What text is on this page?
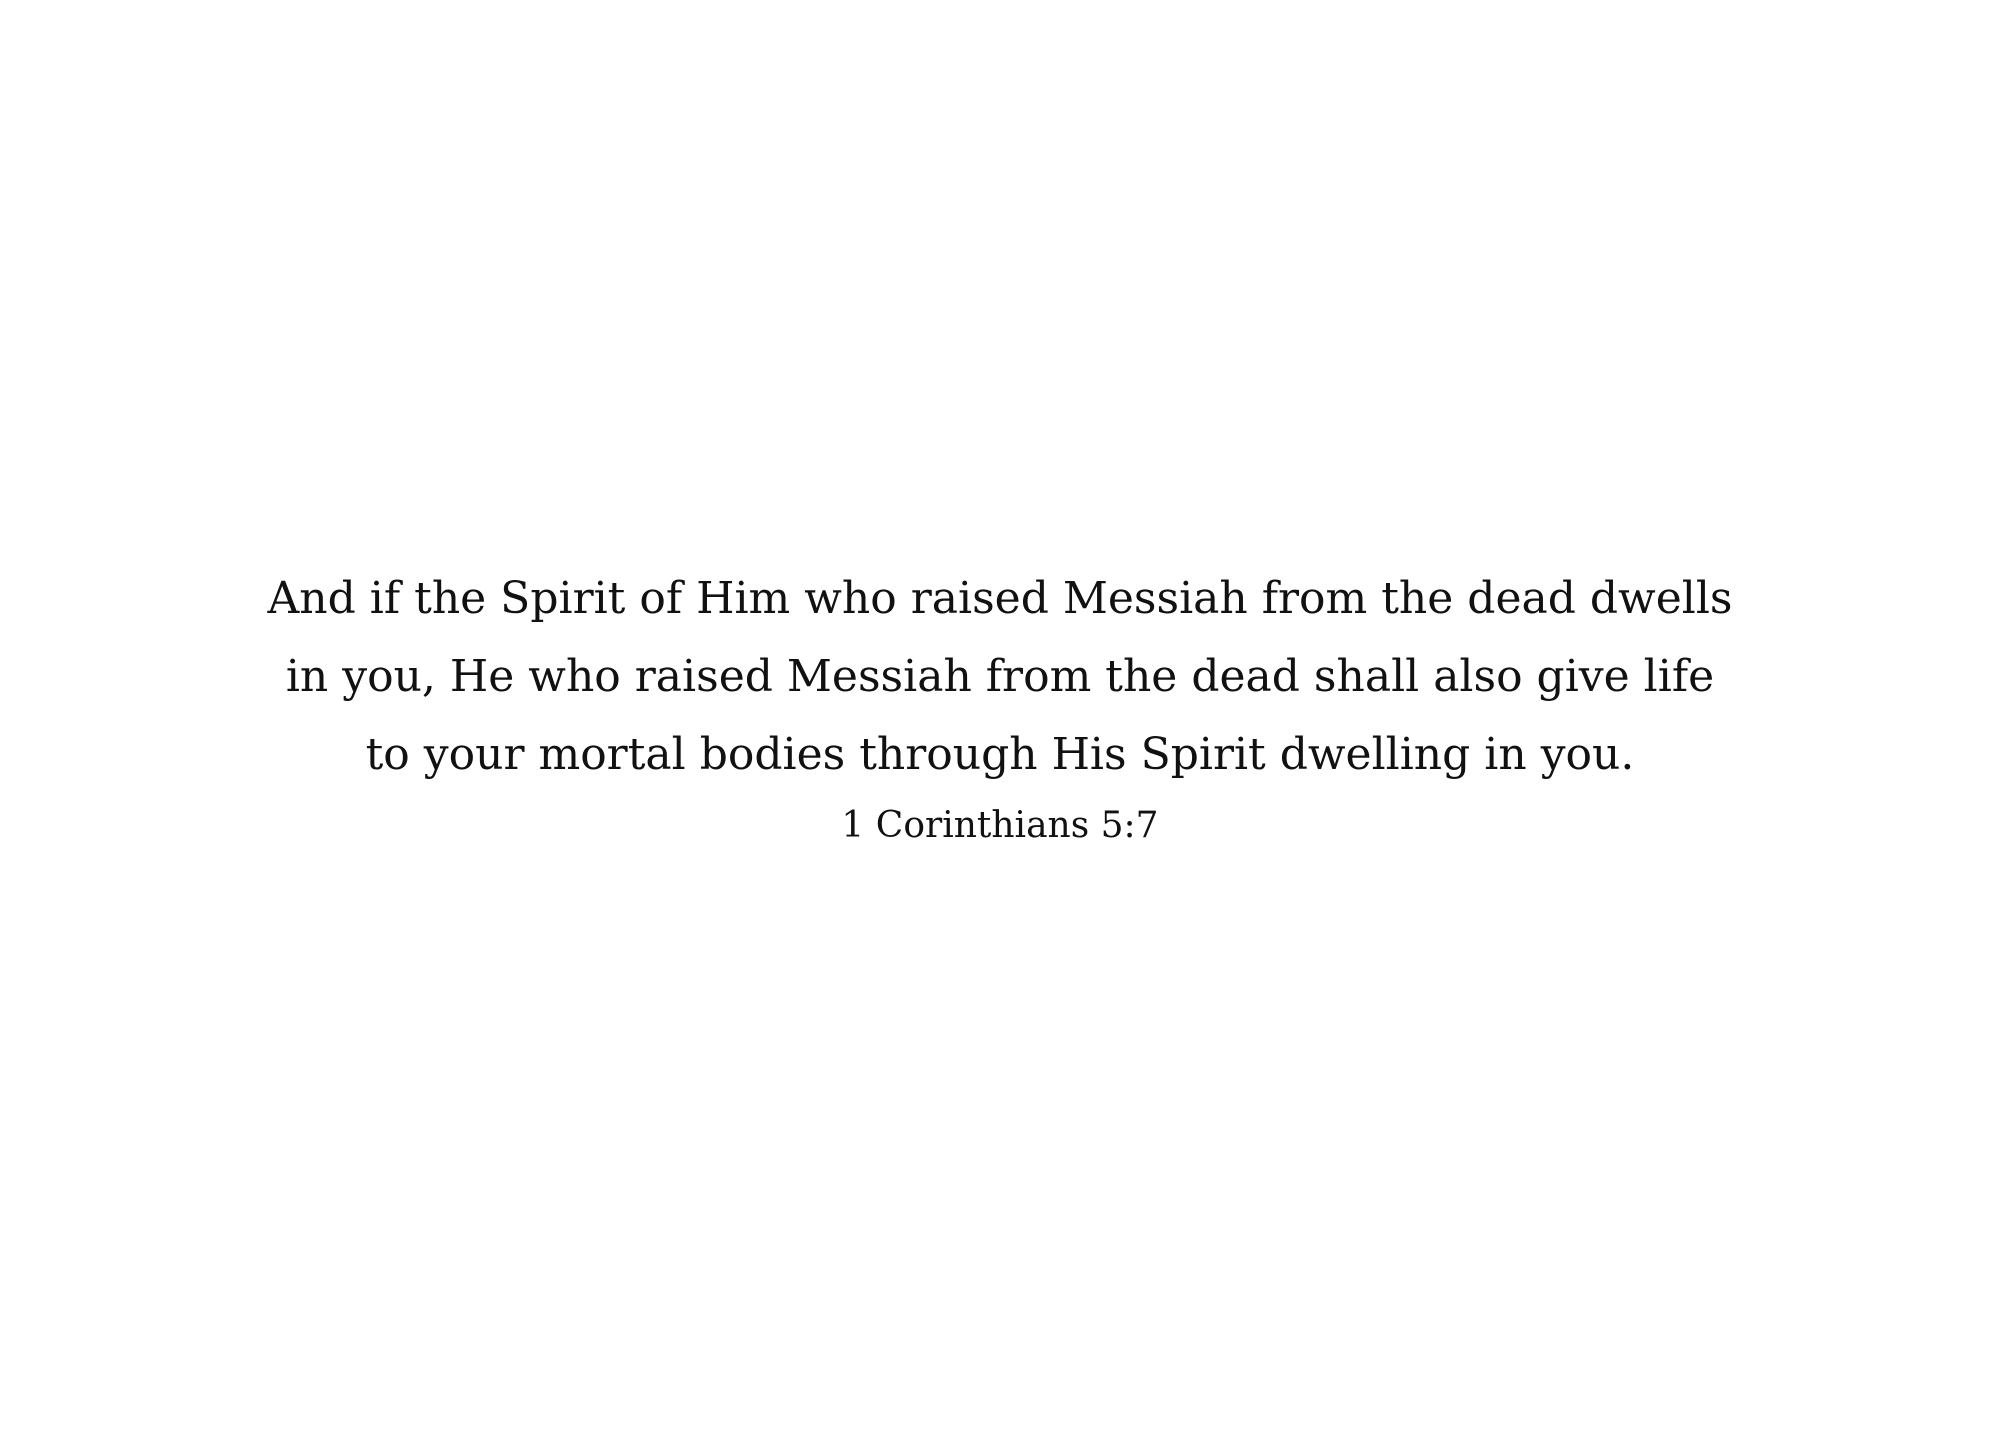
And if the Spirit of Him who raised Messiah from the dead dwells
in you, He who raised Messiah from the dead shall also give life
to your mortal bodies through His Spirit dwelling in you.
1 Corinthians 5:7
